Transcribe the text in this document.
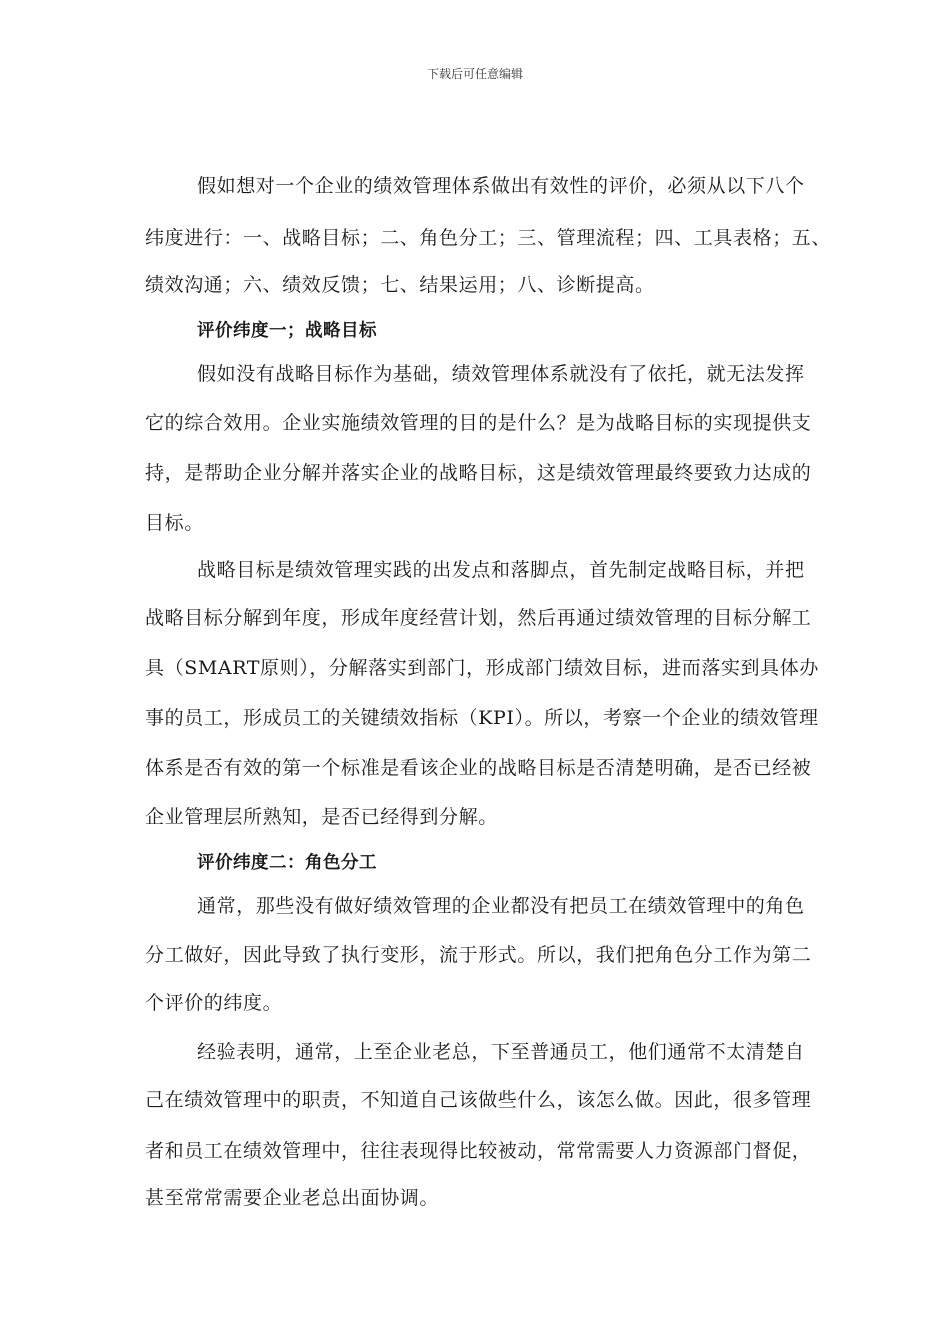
下载后可任意编辑
假如想对一个企业的绩效管理体系做出有效性的评价，必须从以下八个
纬度进行：一、战略目标；二、角色分工；三、管理流程；四、工具表格；五、
绩效沟通；六、绩效反馈；七、结果运用；八、诊断提高。
评价纬度一；战略目标
假如没有战略目标作为基础，绩效管理体系就没有了依托，就无法发挥
它的综合效用。企业实施绩效管理的目的是什么？是为战略目标的实现提供支
持，是帮助企业分解并落实企业的战略目标，这是绩效管理最终要致力达成的
目标。
战略目标是绩效管理实践的出发点和落脚点，首先制定战略目标，并把
战略目标分解到年度，形成年度经营计划，然后再通过绩效管理的目标分解工
具（SMART原则），分解落实到部门，形成部门绩效目标，进而落实到具体办
事的员工，形成员工的关键绩效指标（KPI）。所以，考察一个企业的绩效管理
体系是否有效的第一个标准是看该企业的战略目标是否清楚明确，是否已经被
企业管理层所熟知，是否已经得到分解。
评价纬度二：角色分工
通常，那些没有做好绩效管理的企业都没有把员工在绩效管理中的角色
分工做好，因此导致了执行变形，流于形式。所以，我们把角色分工作为第二
个评价的纬度。
经验表明，通常，上至企业老总，下至普通员工，他们通常不太清楚自
己在绩效管理中的职责，不知道自己该做些什么，该怎么做。因此，很多管理
者和员工在绩效管理中，往往表现得比较被动，常常需要人力资源部门督促，
甚至常常需要企业老总出面协调。
